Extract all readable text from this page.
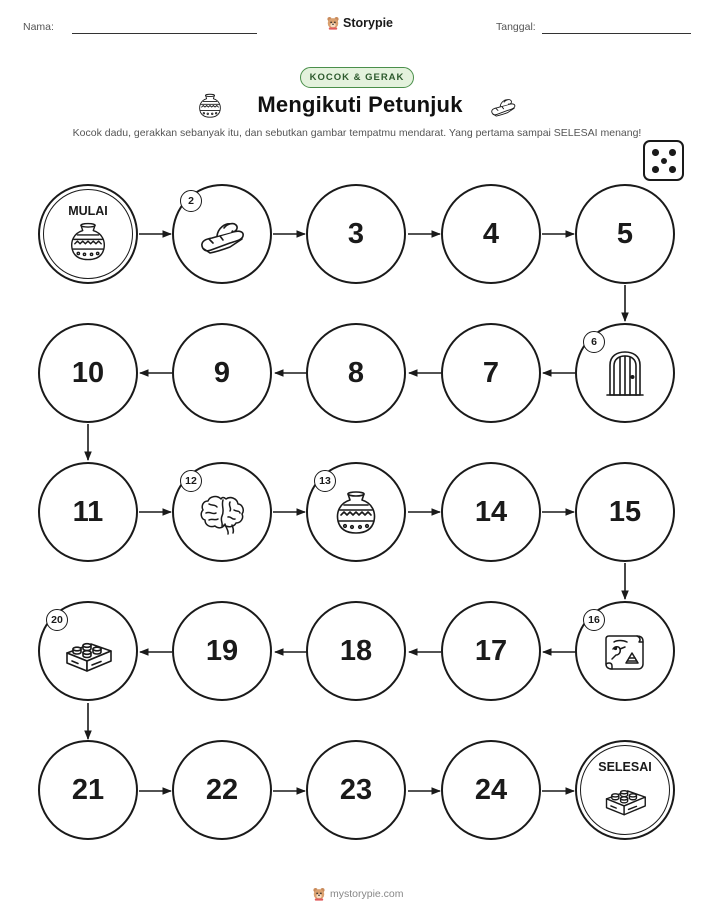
Nama:	Storypie	Tanggal:
KOCOK & GERAK
Mengikuti Petunjuk
Kocok dadu, gerakkan sebanyak itu, dan sebutkan gambar tempatmu mendarat. Yang pertama sampai SELESAI menang!
MULAI
2
3	4	5
6
7
8
9
10
11
12	13
14	15
16
17
18
19
20
21	22	23	24
SELESAI
mystorypie.com
